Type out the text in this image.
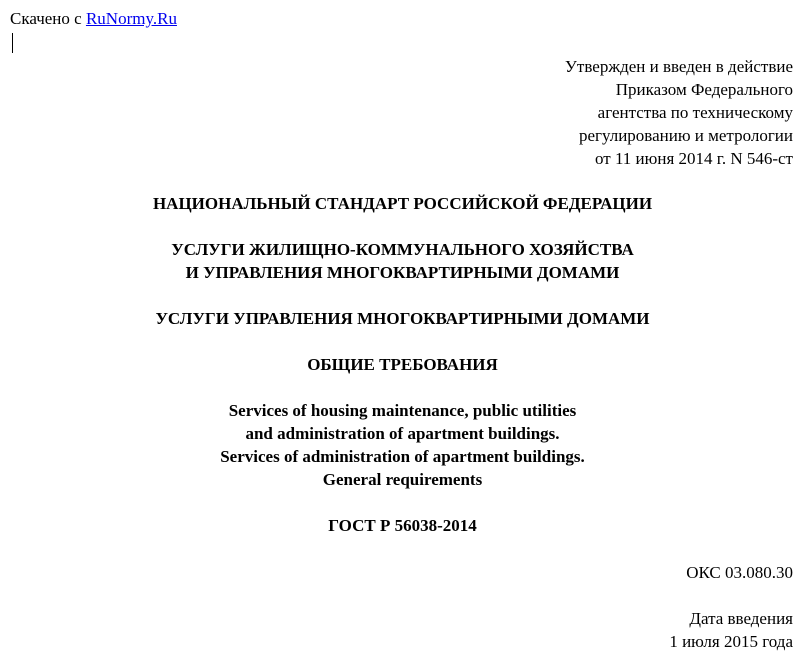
Скачено с RuNormy.Ru
Утвержден и введен в действие
Приказом Федерального
агентства по техническому
регулированию и метрологии
от 11 июня 2014 г. N 546-ст
НАЦИОНАЛЬНЫЙ СТАНДАРТ РОССИЙСКОЙ ФЕДЕРАЦИИ
УСЛУГИ ЖИЛИЩНО-КОММУНАЛЬНОГО ХОЗЯЙСТВА
И УПРАВЛЕНИЯ МНОГОКВАРТИРНЫМИ ДОМАМИ
УСЛУГИ УПРАВЛЕНИЯ МНОГОКВАРТИРНЫМИ ДОМАМИ
ОБЩИЕ ТРЕБОВАНИЯ
Services of housing maintenance, public utilities
and administration of apartment buildings.
Services of administration of apartment buildings.
General requirements
ГОСТ Р 56038-2014
ОКС 03.080.30
Дата введения
1 июля 2015 года
